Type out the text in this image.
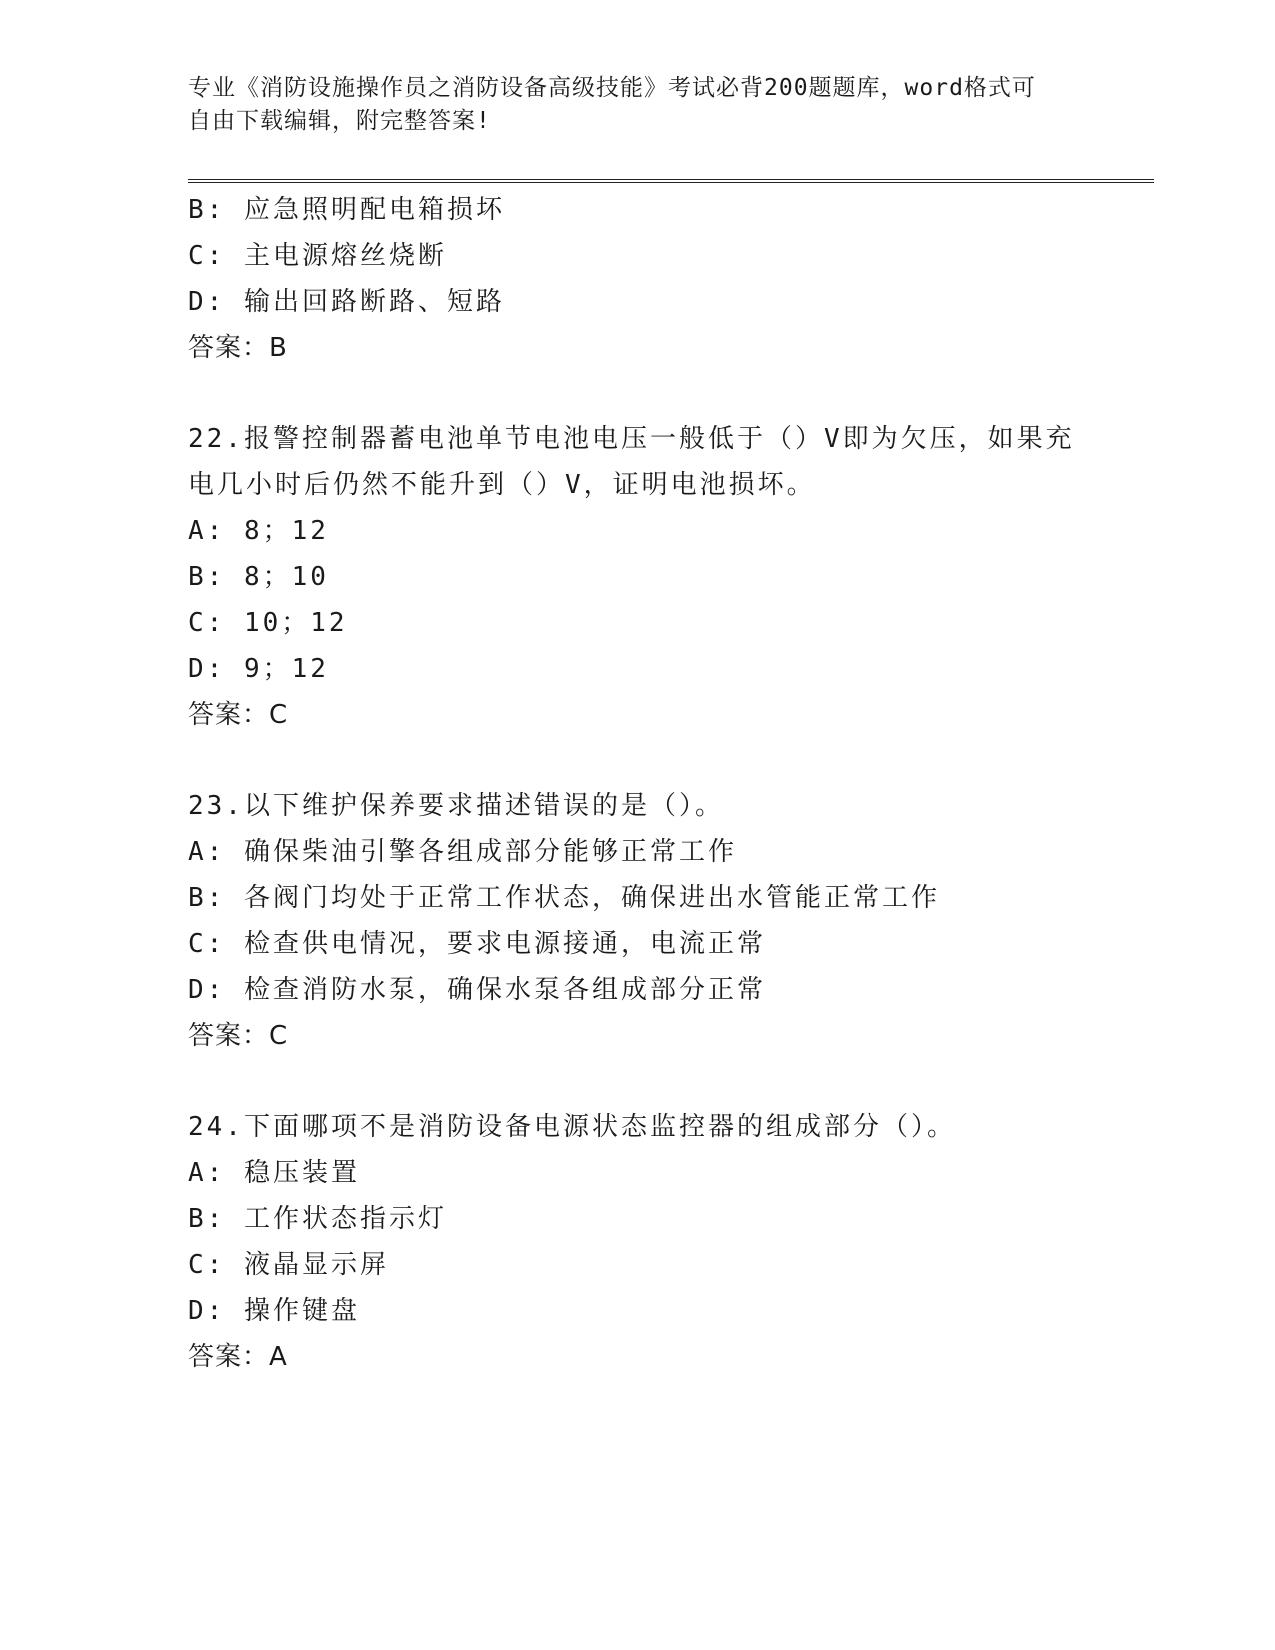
专业《消防设施操作员之消防设备高级技能》考试必背200题题库，word格式可
自由下载编辑，附完整答案!
B: 应急照明配电箱损坏
C: 主电源熔丝烧断
D: 输出回路断路、短路
答案：B
22.报警控制器蓄电池单节电池电压一般低于（）V即为欠压，如果充
电几小时后仍然不能升到（）V，证明电池损坏。
A: 8；12
B: 8；10
C: 10；12
D: 9；12
答案：C
23.以下维护保养要求描述错误的是（）。
A: 确保柴油引擎各组成部分能够正常工作
B: 各阀门均处于正常工作状态，确保进出水管能正常工作
C: 检查供电情况，要求电源接通，电流正常
D: 检查消防水泵，确保水泵各组成部分正常
答案：C
24.下面哪项不是消防设备电源状态监控器的组成部分（）。
A: 稳压装置
B: 工作状态指示灯
C: 液晶显示屏
D: 操作键盘
答案：A
